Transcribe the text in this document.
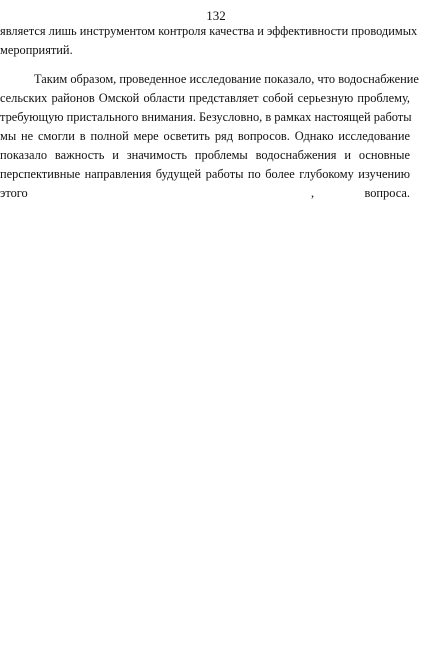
132
является лишь инструментом контроля качества и эффективности проводимых
мероприятий.
Таким образом, проведенное исследование показало, что водоснабжение
сельских районов Омской области представляет собой серьезную проблему,
требующую пристального внимания. Безусловно, в рамках настоящей работы
мы не смогли в полной мере осветить ряд вопросов. Однако исследование
показало важность и значимость проблемы водоснабжения и основные
перспективные направления будущей работы по более глубокому изучению
этого	,	вопроса.
